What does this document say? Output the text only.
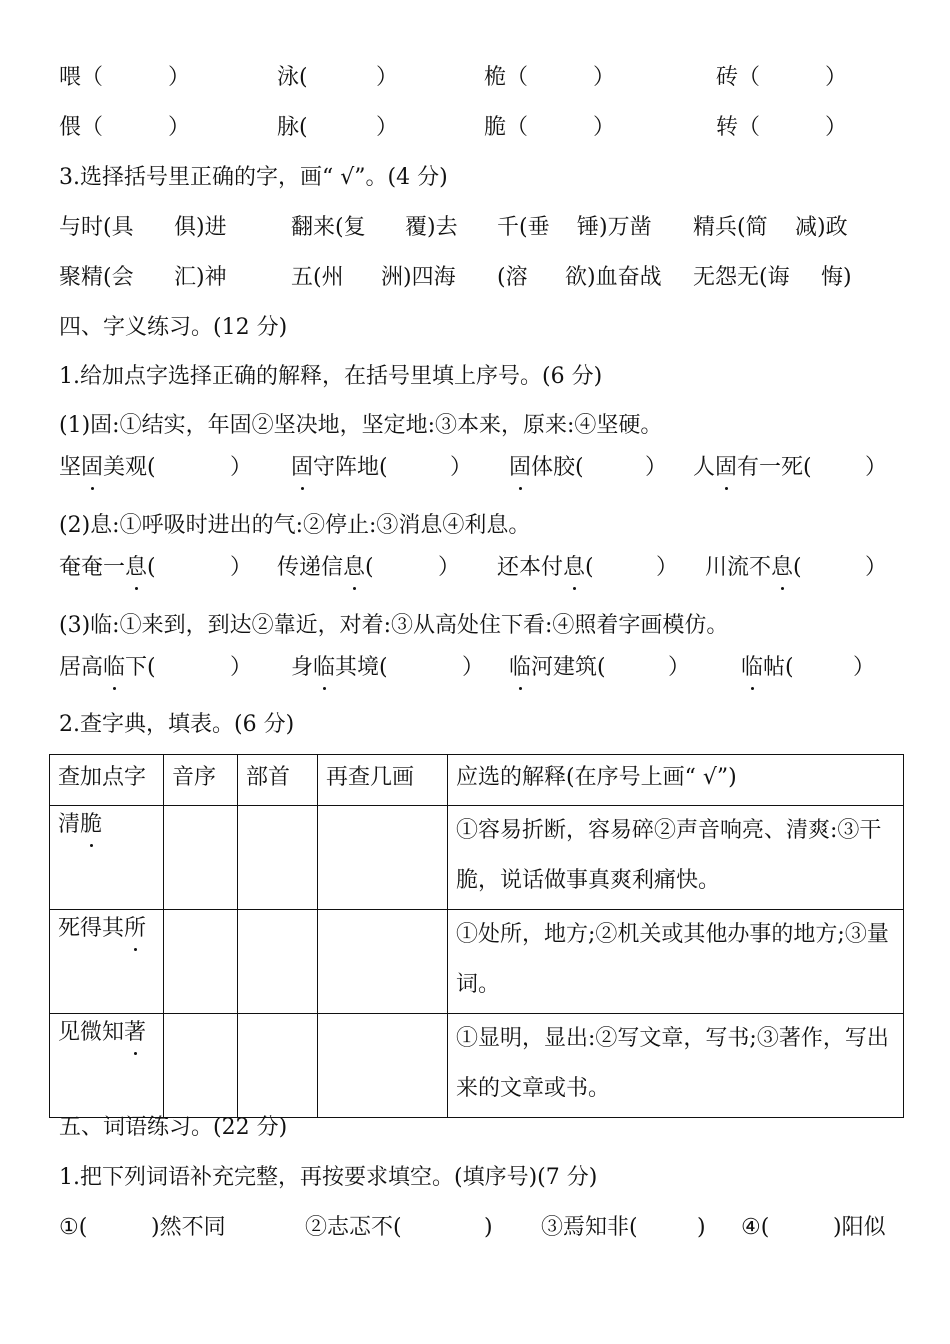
喂（	）	泳(	）	桅（	）	砖（	）
偎（	）	脉(	）	脆（	）	转（	）
3.选择括号里正确的字，画“ √”。(4 分)
与时(具 俱)进	翻来(复 覆)去 千(垂 锤)万凿 精兵(简 减)政
聚精(会 汇)神	五(州 洲)四海 (溶 欲)血奋战 无怨无(诲 悔)
四、字义练习。(12 分)
1.给加点字选择正确的解释，在括号里填上序号。(6 分)
(1)固:①结实，年固②坚决地，坚定地:③本来，原来:④坚硬。
坚固美观(	） 固守阵地(	） 固体胶(	） 人固有一死( ）
(2)息:①呼吸时进出的气:②停止:③消息④利息。
奄奄一息(	） 传递信息(	） 还本付息(	） 川流不息(	）
(3)临:①来到，到达②靠近，对着:③从高处住下看:④照着字画模仿。
居高临下(	） 身临其境(	） 临河建筑(	） 临帖(	）
2.查字典，填表。(6 分)
查加点字	音序	部首	再查几画	应选的解释(在序号上画“ √”)
清脆				①容易折断，容易碎②声音响亮、清爽:③干脆，说话做事真爽利痛快。
死得其所				①处所，地方;②机关或其他办事的地方;③量词。
见微知著				①显明，显出:②写文章，写书;③著作，写出来的文章或书。
五、词语练习。(22 分)
1.把下列词语补充完整，再按要求填空。(填序号)(7 分)
①(	)然不同	②志忑不(	) ③焉知非(	) ④(	)阳似
